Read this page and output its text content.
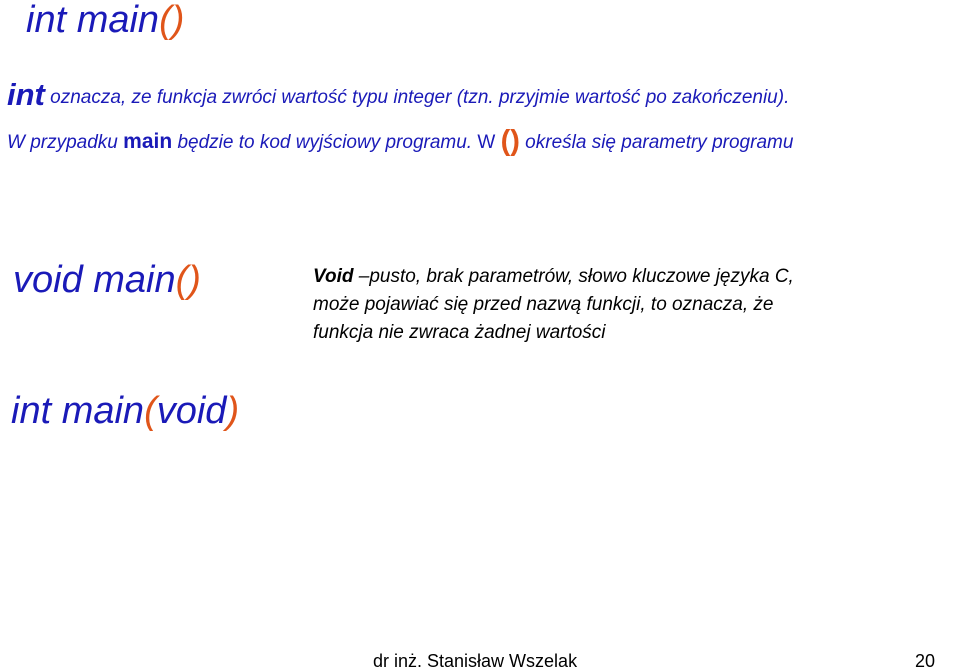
int main()
int oznacza, ze funkcja zwróci wartość typu integer (tzn. przyjmie wartość po zakończeniu).
W przypadku main będzie to kod wyjściowy programu. W () określa się parametry programu
void main()	Void –pusto, brak parametrów, słowo kluczowe języka C,
może pojawiać się przed nazwą funkcji, to oznacza, że
funkcja nie zwraca żadnej wartości
int main(void)
dr inż. Stanisław Wszelak	20
